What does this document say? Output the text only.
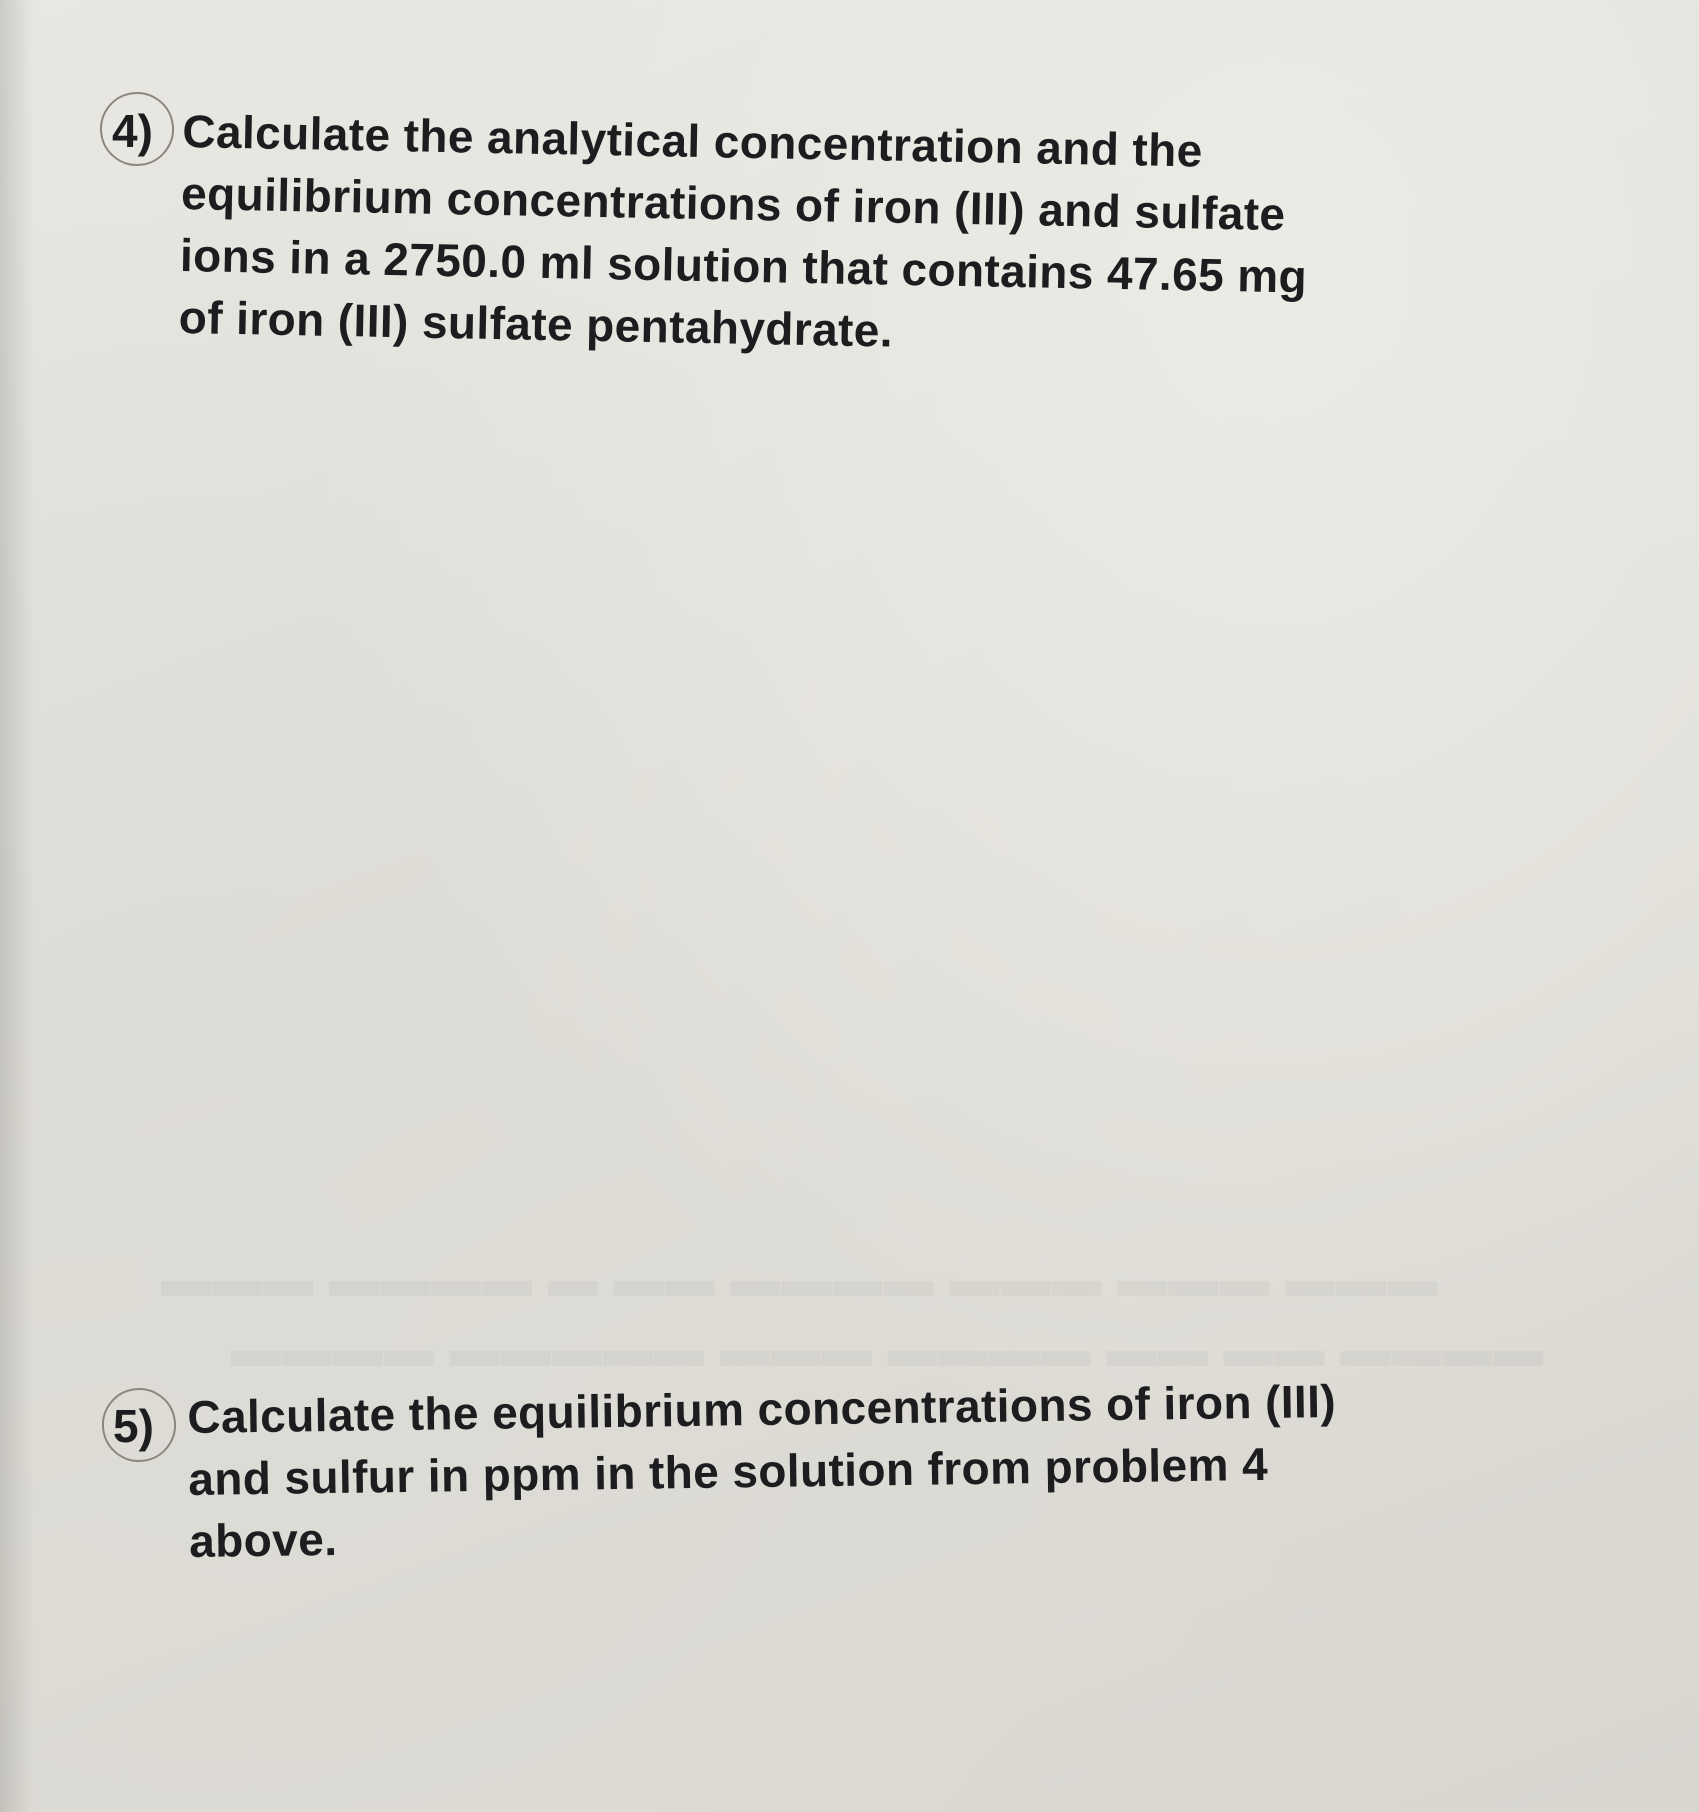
▬▬▬ ▬▬▬ ▬▬▬ ▬▬▬▬ ▬▬ ▬ ▬▬▬▬ ▬▬▬
▬▬▬▬ ▬▬ ▬▬ ▬▬▬▬ ▬▬▬ ▬▬▬▬▬ ▬▬▬▬
4) Calculate the analytical concentration and the
equilibrium concentrations of iron (III) and sulfate
ions in a 2750.0 ml solution that contains 47.65 mg
of iron (III) sulfate pentahydrate.
5) Calculate the equilibrium concentrations of iron (III)
and sulfur in ppm in the solution from problem 4
above.
